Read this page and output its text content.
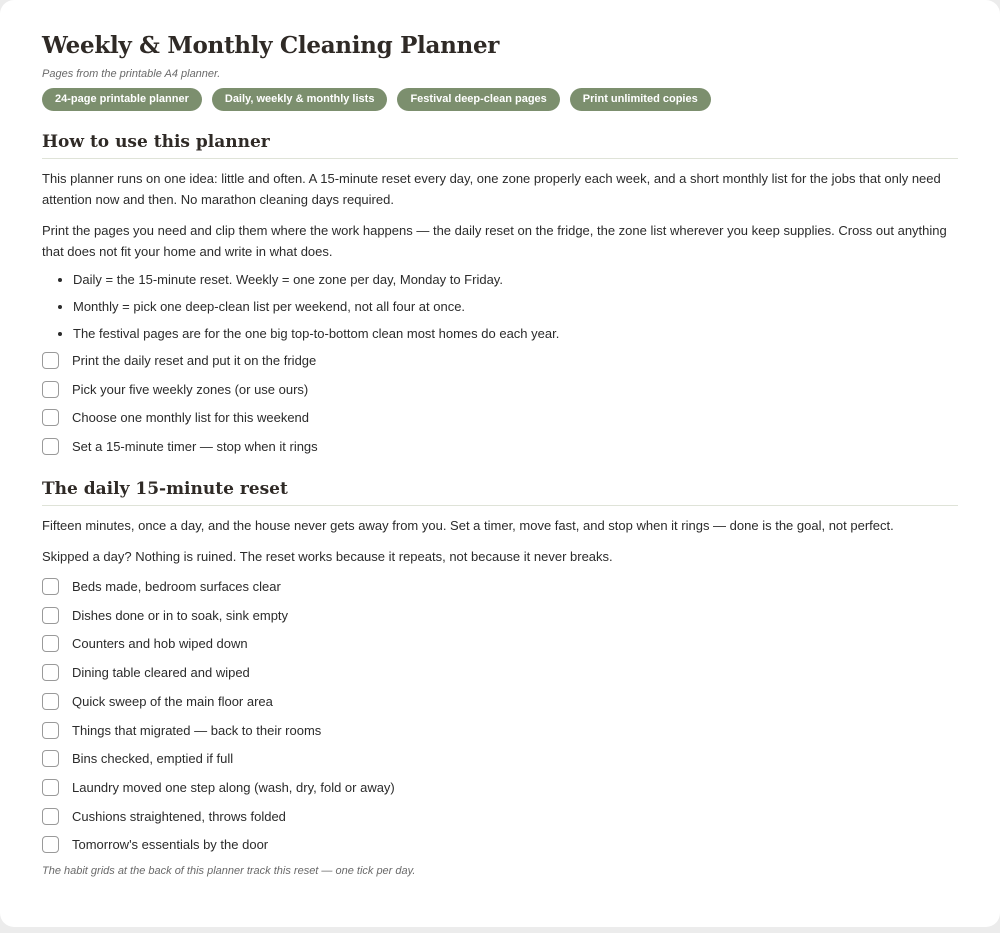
Weekly & Monthly Cleaning Planner
Pages from the printable A4 planner.
24-page printable planner	Daily, weekly & monthly lists	Festival deep-clean pages	Print unlimited copies
How to use this planner

This planner runs on one idea: little and often. A 15-minute reset every day, one zone properly each week, and a short monthly list for the jobs that only need attention now and then. No marathon cleaning days required.

Print the pages you need and clip them where the work happens — the daily reset on the fridge, the zone list wherever you keep supplies. Cross out anything that does not fit your home and write in what does.

• Daily = the 15-minute reset. Weekly = one zone per day, Monday to Friday.
• Monthly = pick one deep-clean list per weekend, not all four at once.
• The festival pages are for the one big top-to-bottom clean most homes do each year.
Print the daily reset and put it on the fridge
Pick your five weekly zones (or use ours)
Choose one monthly list for this weekend
Set a 15-minute timer — stop when it rings
The daily 15-minute reset

Fifteen minutes, once a day, and the house never gets away from you. Set a timer, move fast, and stop when it rings — done is the goal, not perfect.

Skipped a day? Nothing is ruined. The reset works because it repeats, not because it never breaks.

Beds made, bedroom surfaces clear
Dishes done or in to soak, sink empty
Counters and hob wiped down
Dining table cleared and wiped
Quick sweep of the main floor area
Things that migrated — back to their rooms
Bins checked, emptied if full
Laundry moved one step along (wash, dry, fold or away)
Cushions straightened, throws folded
Tomorrow's essentials by the door
The habit grids at the back of this planner track this reset — one tick per day.
